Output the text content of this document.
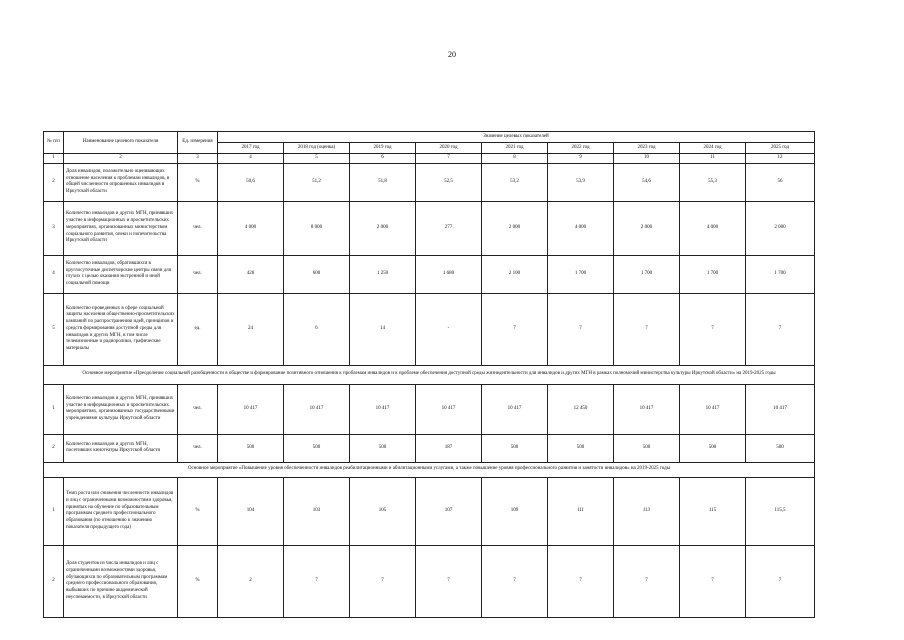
20
№ п/п	Наименование целевого показателя	Ед. измерения	Значение целевых показателей								
			2017 год	2018 год (оценка)	2019 год	2020 год	2021 год	2022 год	2023 год	2024 год	2025 год
1	2	3	4	5	6	7	8	9	10	11	12
2	Доля инвалидов, положительно оценивающих отношение населения к проблемам инвалидов, в общей численности опрошенных инвалидов в Иркутской области	%	50,6	51,2	51,8	52,5	53,2	53,9	54,6	55,3	56
3	Количество инвалидов и других МГН, принявших участие в информационных и просветительских мероприятиях, организованных министерством социального развития, опеки и попечительства Иркутской области	чел.	4 000	8 000	2 000	277	2 000	4 000	2 000	4 000	2 000
4	Количество инвалидов, обратившихся в круглосуточные диспетчерские центры связи для глухих с целью оказания экстренной и иной социальной помощи	чел.	426	600	1 250	1 680	2 100	1 700	1 700	1 700	1 700
5	Количество проведенных в сфере социальной защиты населения общественно-просветительских кампаний по распространению идей, принципов и средств формирования доступной среды для инвалидов и других МГН, в том числе телевизионные и радиоролики, графические материалы	ед.	24	6	14	-	7	7	7	7	7
Основное мероприятие «Преодоление социальной разобщенности в обществе и формирование позитивного отношения к проблемам инвалидов и к проблеме обеспечения доступной среды жизнедеятельности для инвалидов и других МГН в рамках полномочий министерства культуры Иркутской области» на 2019-2025 годы											
1	Количество инвалидов и других МГН, принявших участие в информационных и просветительских мероприятиях, организованных государственными учреждениями культуры Иркутской области	чел.	10 417	10 417	10 417	10 417	10 417	12 450	10 417	10 417	10 417
2	Количество инвалидов и других МГН, посетивших кинотеатры Иркутской области	чел.	500	500	500	187	500	500	500	500	500
Основное мероприятие «Повышение уровня обеспеченности инвалидов реабилитационными и абилитационными услугами, а также повышение уровня профессионального развития и занятости инвалидов» на 2019-2025 годы											
1	Темп роста или снижения численности инвалидов и лиц с ограниченными возможностями здоровья, принятых на обучение по образовательным программам среднего профессионального образования (по отношению к значению показателя предыдущего года)	%	104	103	105	107	109	111	113	115	115,5
2	Доля студентов из числа инвалидов и лиц с ограниченными возможностями здоровья, обучающихся по образовательным программам среднего профессионального образования, выбывших по причине академической неуспеваемости, в Иркутской области	%	2	7	7	7	7	7	7	7	7
